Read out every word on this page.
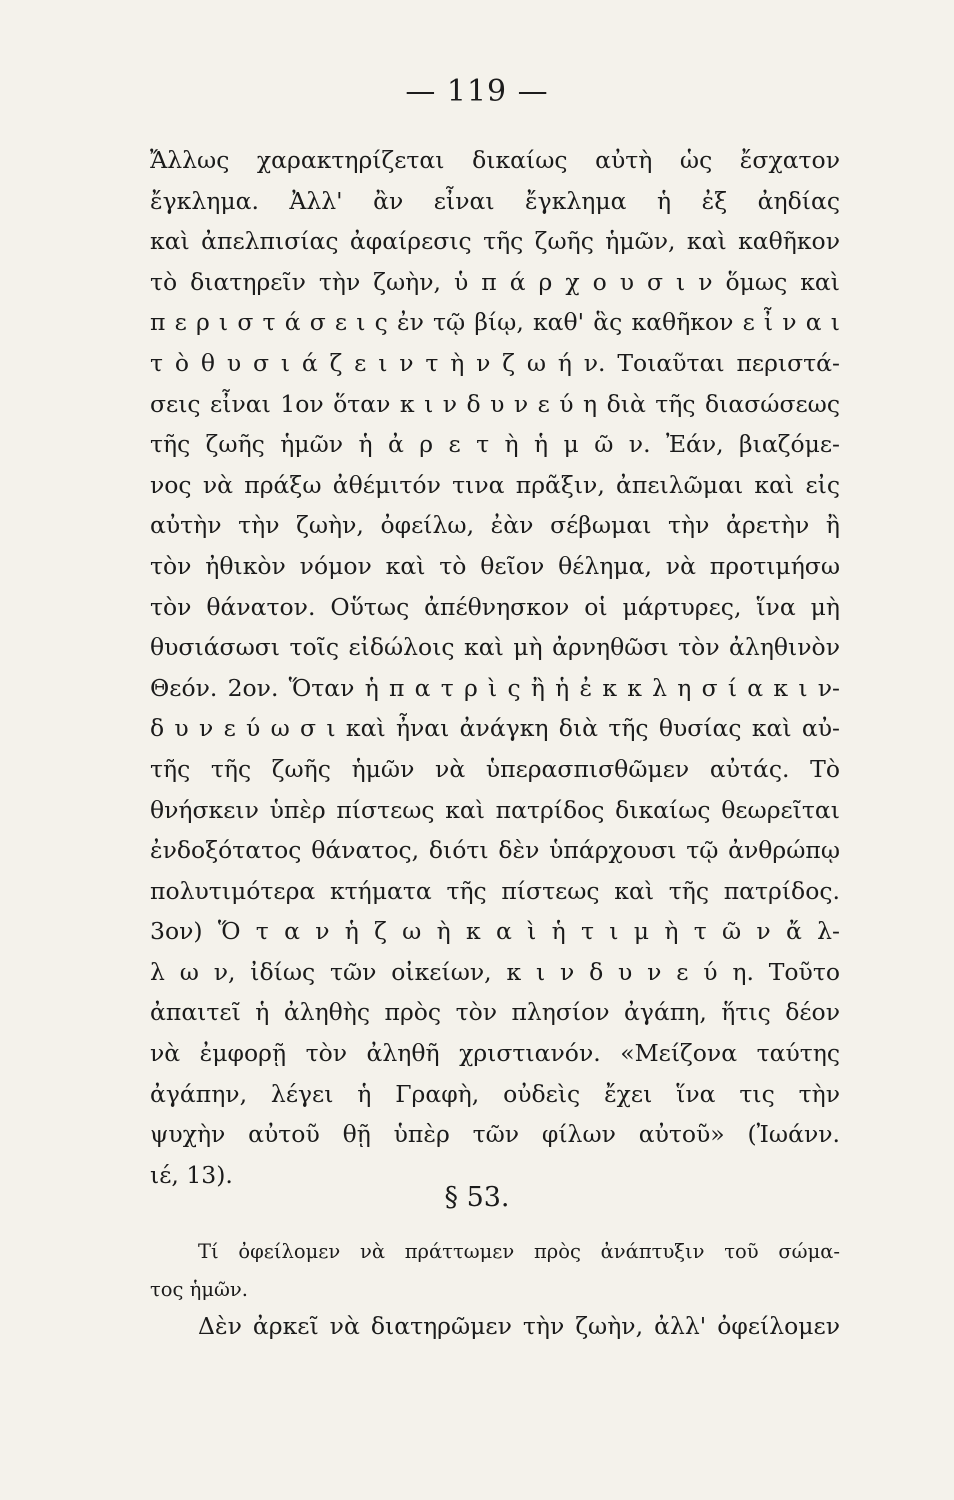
— 119 —
Ἄλλως χαρακτηρίζεται δικαίως αὐτὴ ὡς ἔσχατον
ἔγκλημα. Ἀλλ' ἂν εἶναι ἔγκλημα ἡ ἐξ ἀηδίας
καὶ ἀπελπισίας ἀφαίρεσις τῆς ζωῆς ἡμῶν, καὶ καθῆκον
τὸ διατηρεῖν τὴν ζωὴν, ὑ π ά ρ χ ο υ σ ι ν ὅμως καὶ
π ε ρ ι σ τ ά σ ε ι ς ἐν τῷ βίῳ, καθ' ἃς καθῆκον ε ἶ ν α ι
τ ὸ θ υ σ ι ά ζ ε ι ν τ ὴ ν ζ ω ή ν. Τοιαῦται περιστά-
σεις εἶναι 1ον ὅταν κ ι ν δ υ ν ε ύ η διὰ τῆς διασώσεως
τῆς ζωῆς ἡμῶν ἡ ἀ ρ ε τ ὴ ἡ μ ῶ ν. Ἐάν, βιαζόμε-
νος νὰ πράξω ἀθέμιτόν τινα πρᾶξιν, ἀπειλῶμαι καὶ εἰς
αὐτὴν τὴν ζωὴν, ὀφείλω, ἐὰν σέβωμαι τὴν ἀρετὴν ἢ
τὸν ἠθικὸν νόμον καὶ τὸ θεῖον θέλημα, νὰ προτιμήσω
τὸν θάνατον. Οὕτως ἀπέθνησκον οἱ μάρτυρες, ἵνα μὴ
θυσιάσωσι τοῖς εἰδώλοις καὶ μὴ ἀρνηθῶσι τὸν ἀληθινὸν
Θεόν. 2ον. Ὅταν ἡ π α τ ρ ὶ ς ἢ ἡ ἐ κ κ λ η σ ί α κ ι ν-
δ υ ν ε ύ ω σ ι καὶ ἦναι ἀνάγκη διὰ τῆς θυσίας καὶ αὐ-
τῆς τῆς ζωῆς ἡμῶν νὰ ὑπερασπισθῶμεν αὐτάς. Τὸ
θνήσκειν ὑπὲρ πίστεως καὶ πατρίδος δικαίως θεωρεῖται
ἐνδοξότατος θάνατος, διότι δὲν ὑπάρχουσι τῷ ἀνθρώπῳ
πολυτιμότερα κτήματα τῆς πίστεως καὶ τῆς πατρίδος.
3ον) Ὅ τ α ν ἡ ζ ω ὴ κ α ὶ ἡ τ ι μ ὴ τ ῶ ν ἄ λ-
λ ω ν, ἰδίως τῶν οἰκείων, κ ι ν δ υ ν ε ύ η. Τοῦτο
ἀπαιτεῖ ἡ ἀληθὴς πρὸς τὸν πλησίον ἀγάπη, ἥτις δέον
νὰ ἐμφορῇ τὸν ἀληθῆ χριστιανόν. «Μείζονα ταύτης
ἀγάπην, λέγει ἡ Γραφὴ, οὐδεὶς ἔχει ἵνα τις τὴν
ψυχὴν αὐτοῦ θῇ ὑπὲρ τῶν φίλων αὐτοῦ» (Ἰωάνν.
ιέ, 13).
§ 53.
Τί ὀφείλομεν νὰ πράττωμεν πρὸς ἀνάπτυξιν τοῦ σώμα-
τος ἡμῶν.
Δὲν ἀρκεῖ νὰ διατηρῶμεν τὴν ζωὴν, ἀλλ' ὀφείλομεν
